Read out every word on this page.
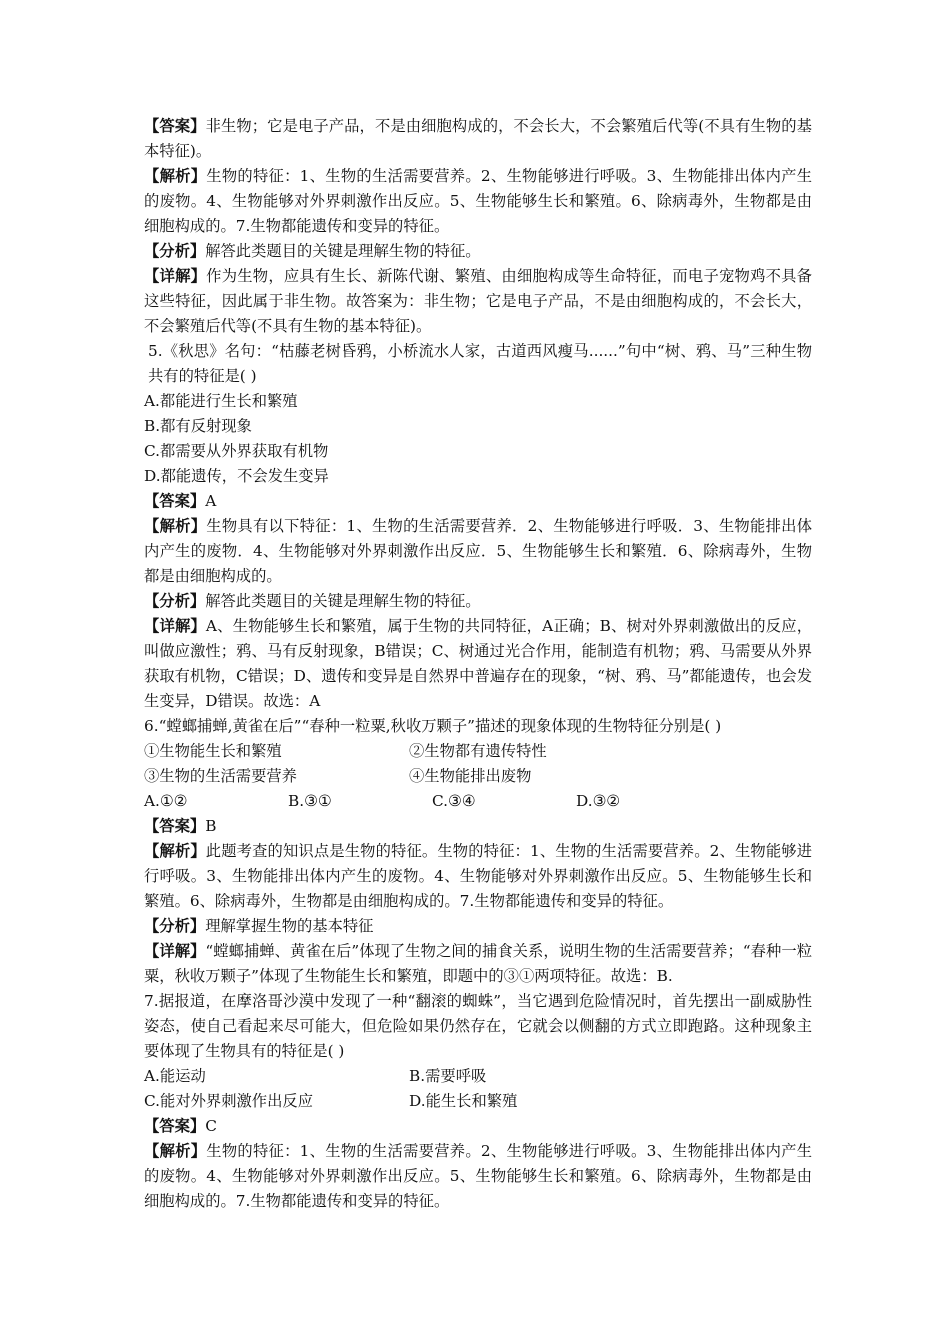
【答案】非生物；它是电子产品，不是由细胞构成的，不会长大，不会繁殖后代等(不具有生物的基本特征)。

【解析】生物的特征：1、生物的生活需要营养。2、生物能够进行呼吸。3、生物能排出体内产生的废物。4、生物能够对外界刺激作出反应。5、生物能够生长和繁殖。6、除病毒外，生物都是由细胞构成的。7.生物都能遗传和变异的特征。

【分析】解答此类题目的关键是理解生物的特征。

【详解】作为生物，应具有生长、新陈代谢、繁殖、由细胞构成等生命特征，而电子宠物鸡不具备这些特征，因此属于非生物。故答案为：非生物；它是电子产品，不是由细胞构成的，不会长大，不会繁殖后代等(不具有生物的基本特征)。

5.《秋思》名句：“枯藤老树昏鸦，小桥流水人家，古道西风瘦马......”句中“树、鸦、马”三种生物共有的特征是( )

A.都能进行生长和繁殖

B.都有反射现象

C.都需要从外界获取有机物

D.都能遗传，不会发生变异

【答案】A

【解析】生物具有以下特征：1、生物的生活需要营养．2、生物能够进行呼吸．3、生物能排出体内产生的废物．4、生物能够对外界刺激作出反应．5、生物能够生长和繁殖．6、除病毒外，生物都是由细胞构成的。

【分析】解答此类题目的关键是理解生物的特征。

【详解】A、生物能够生长和繁殖，属于生物的共同特征，A正确；B、树对外界刺激做出的反应，叫做应激性；鸦、马有反射现象，B错误；C、树通过光合作用，能制造有机物；鸦、马需要从外界获取有机物，C错误；D、遗传和变异是自然界中普遍存在的现象，“树、鸦、马”都能遗传，也会发生变异，D错误。故选：A

6.“螳螂捕蝉,黄雀在后”“春种一粒粟,秋收万颗子”描述的现象体现的生物特征分别是( )

①生物能生长和繁殖	②生物都有遗传特性
③生物的生活需要营养	④生物能排出废物
A.①②	B.③①	C.③④	D.③②

【答案】B

【解析】此题考查的知识点是生物的特征。生物的特征：1、生物的生活需要营养。2、生物能够进行呼吸。3、生物能排出体内产生的废物。4、生物能够对外界刺激作出反应。5、生物能够生长和繁殖。6、除病毒外，生物都是由细胞构成的。7.生物都能遗传和变异的特征。

【分析】理解掌握生物的基本特征

【详解】“螳螂捕蝉、黄雀在后”体现了生物之间的捕食关系，说明生物的生活需要营养；“春种一粒粟，秋收万颗子”体现了生物能生长和繁殖，即题中的③①两项特征。故选：B.

7.据报道，在摩洛哥沙漠中发现了一种“翻滚的蜘蛛”，当它遇到危险情况时，首先摆出一副威胁性姿态，使自己看起来尽可能大，但危险如果仍然存在，它就会以侧翻的方式立即跑路。这种现象主要体现了生物具有的特征是( )

A.能运动	B.需要呼吸
C.能对外界刺激作出反应	D.能生长和繁殖

【答案】C

【解析】生物的特征：1、生物的生活需要营养。2、生物能够进行呼吸。3、生物能排出体内产生的废物。4、生物能够对外界刺激作出反应。5、生物能够生长和繁殖。6、除病毒外，生物都是由细胞构成的。7.生物都能遗传和变异的特征。
